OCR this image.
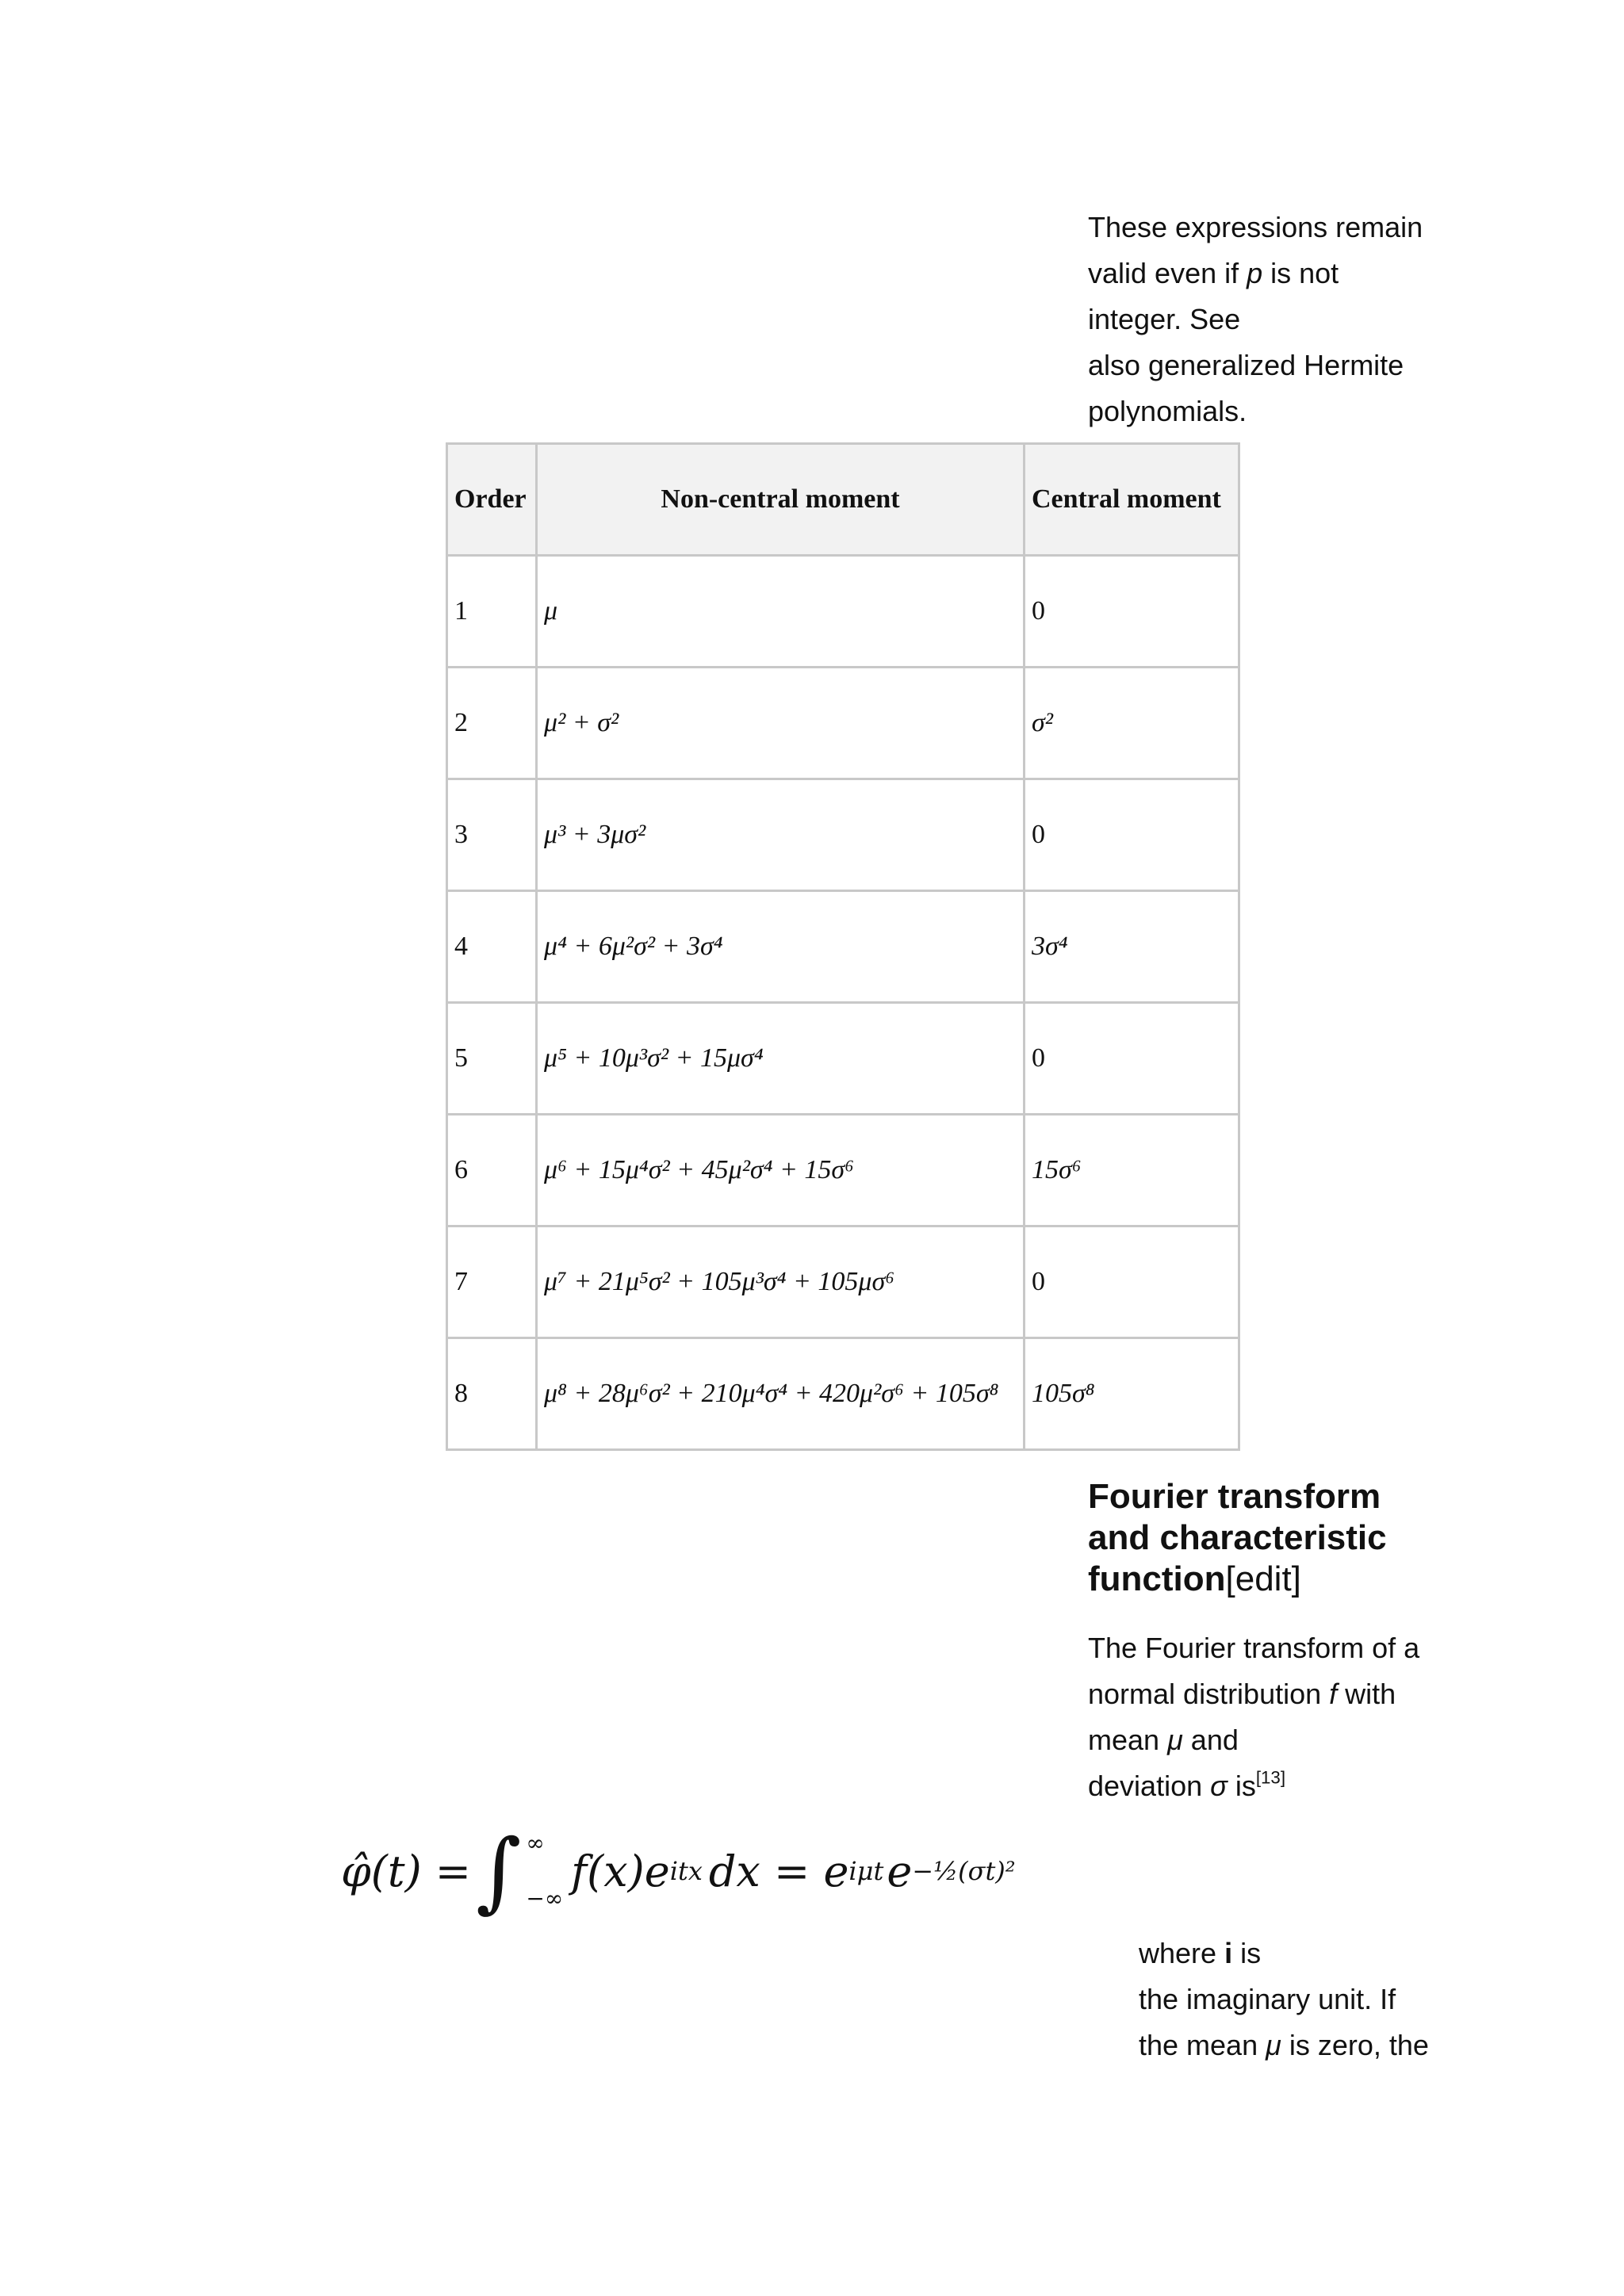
These expressions remain

valid even if p is not

integer. See

also generalized Hermite

polynomials.

Order	Non-central moment	Central moment
1	μ	0
2	μ² + σ²	σ²
3	μ³ + 3μσ²	0
4	μ⁴ + 6μ²σ² + 3σ⁴	3σ⁴
5	μ⁵ + 10μ³σ² + 15μσ⁴	0
6	μ⁶ + 15μ⁴σ² + 45μ²σ⁴ + 15σ⁶	15σ⁶
7	μ⁷ + 21μ⁵σ² + 105μ³σ⁴ + 105μσ⁶	0
8	μ⁸ + 28μ⁶σ² + 210μ⁴σ⁴ + 420μ²σ⁶ + 105σ⁸	105σ⁸
Fourier transform
and characteristic
function[edit]

The Fourier transform of a

normal distribution f with

mean μ and

deviation σ is[13]

φ̂(t) = ∫ ∞
−∞
f(x)e itx dx = e iμt e −½(σt)²

where i is

the imaginary unit. If

the mean μ is zero, the
